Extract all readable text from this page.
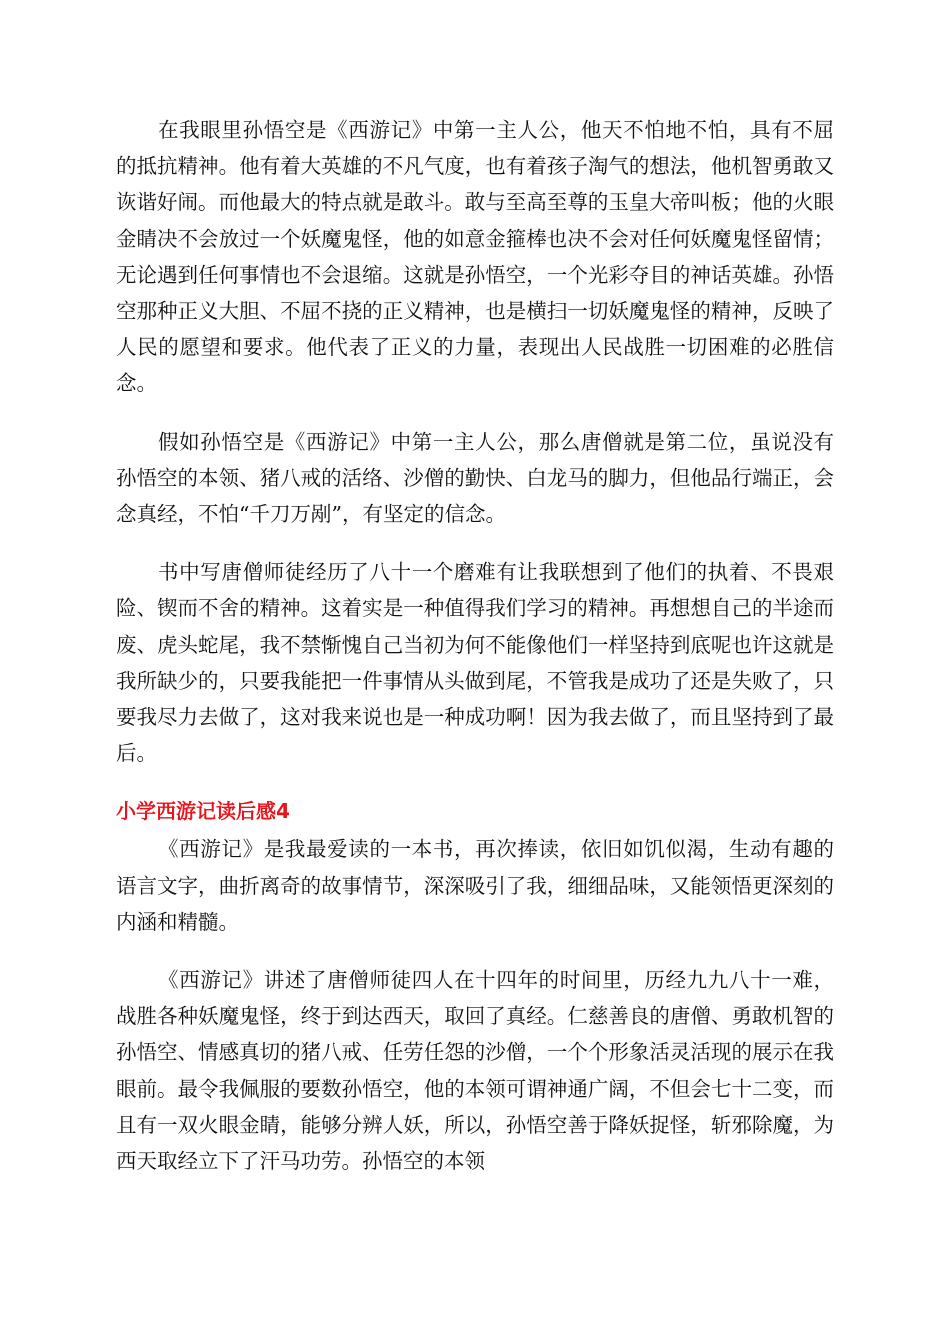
在我眼里孙悟空是《西游记》中第一主人公，他天不怕地不怕，具有不屈的抵抗精神。他有着大英雄的不凡气度，也有着孩子淘气的想法，他机智勇敢又诙谐好闹。而他最大的特点就是敢斗。敢与至高至尊的玉皇大帝叫板；他的火眼金睛决不会放过一个妖魔鬼怪，他的如意金箍棒也决不会对任何妖魔鬼怪留情；无论遇到任何事情也不会退缩。这就是孙悟空，一个光彩夺目的神话英雄。孙悟空那种正义大胆、不屈不挠的正义精神，也是横扫一切妖魔鬼怪的精神，反映了人民的愿望和要求。他代表了正义的力量，表现出人民战胜一切困难的必胜信念。

假如孙悟空是《西游记》中第一主人公，那么唐僧就是第二位，虽说没有孙悟空的本领、猪八戒的活络、沙僧的勤快、白龙马的脚力，但他品行端正，会念真经，不怕“千刀万剐”，有坚定的信念。

书中写唐僧师徒经历了八十一个磨难有让我联想到了他们的执着、不畏艰险、锲而不舍的精神。这着实是一种值得我们学习的精神。再想想自己的半途而废、虎头蛇尾，我不禁惭愧自己当初为何不能像他们一样坚持到底呢也许这就是我所缺少的，只要我能把一件事情从头做到尾，不管我是成功了还是失败了，只要我尽力去做了，这对我来说也是一种成功啊！因为我去做了，而且坚持到了最后。

小学西游记读后感4

《西游记》是我最爱读的一本书，再次捧读，依旧如饥似渴，生动有趣的语言文字，曲折离奇的故事情节，深深吸引了我，细细品味，又能领悟更深刻的内涵和精髓。

《西游记》讲述了唐僧师徒四人在十四年的时间里，历经九九八十一难，战胜各种妖魔鬼怪，终于到达西天，取回了真经。仁慈善良的唐僧、勇敢机智的孙悟空、情感真切的猪八戒、任劳任怨的沙僧，一个个形象活灵活现的展示在我眼前。最令我佩服的要数孙悟空，他的本领可谓神通广阔，不但会七十二变，而且有一双火眼金睛，能够分辨人妖，所以，孙悟空善于降妖捉怪，斩邪除魔，为西天取经立下了汗马功劳。孙悟空的本领
